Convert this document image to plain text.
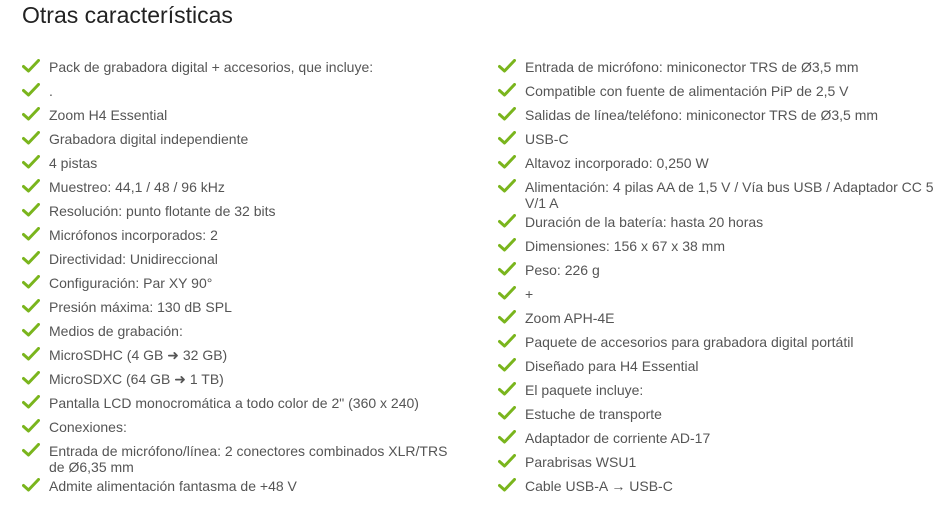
Otras características
Pack de grabadora digital + accesorios, que incluye:
.
Zoom H4 Essential
Grabadora digital independiente
4 pistas
Muestreo: 44,1 / 48 / 96 kHz
Resolución: punto flotante de 32 bits
Micrófonos incorporados: 2
Directividad: Unidireccional
Configuración: Par XY 90°
Presión máxima: 130 dB SPL
Medios de grabación:
MicroSDHC (4 GB ➜ 32 GB)
MicroSDXC (64 GB ➜ 1 TB)
Pantalla LCD monocromática a todo color de 2" (360 x 240)
Conexiones:
Entrada de micrófono/línea: 2 conectores combinados XLR/TRS de Ø6,35 mm
Admite alimentación fantasma de +48 V
Entrada de micrófono: miniconector TRS de Ø3,5 mm
Compatible con fuente de alimentación PiP de 2,5 V
Salidas de línea/teléfono: miniconector TRS de Ø3,5 mm
USB-C
Altavoz incorporado: 0,250 W
Alimentación: 4 pilas AA de 1,5 V / Vía bus USB / Adaptador CC 5 V/1 A
Duración de la batería: hasta 20 horas
Dimensiones: 156 x 67 x 38 mm
Peso: 226 g
+
Zoom APH-4E
Paquete de accesorios para grabadora digital portátil
Diseñado para H4 Essential
El paquete incluye:
Estuche de transporte
Adaptador de corriente AD-17
Parabrisas WSU1
Cable USB-A → USB-C
